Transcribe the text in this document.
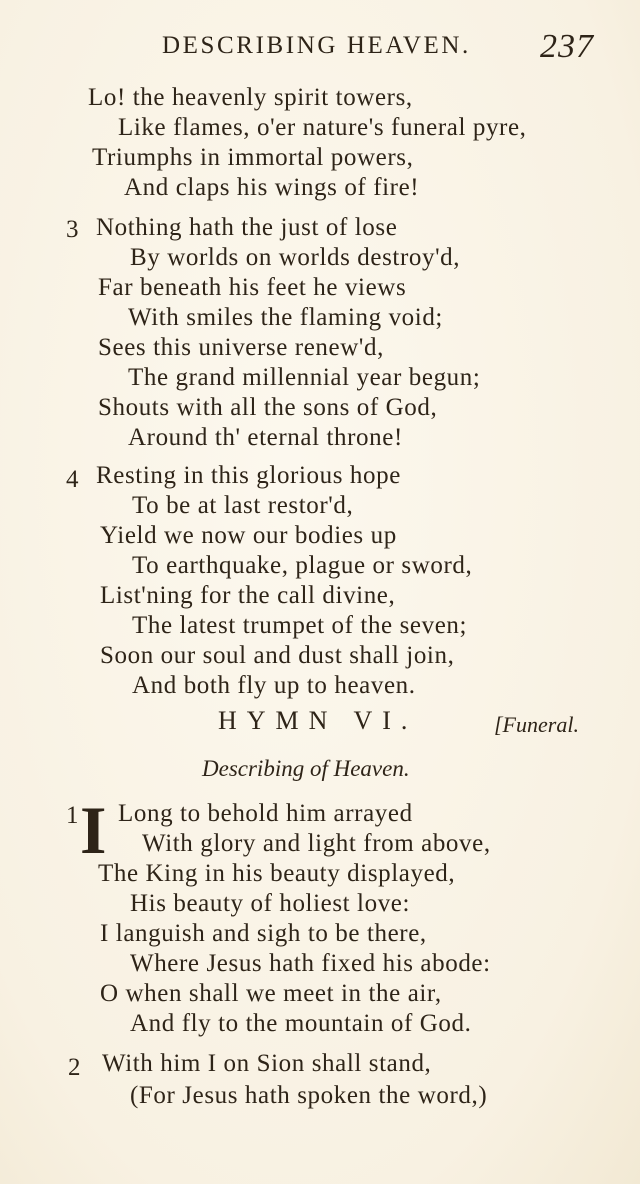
DESCRIBING HEAVEN. 237
Lo! the heavenly spirit towers,
Like flames, o'er nature's funeral pyre,
Triumphs in immortal powers,
And claps his wings of fire!
3 Nothing hath the just of lose
By worlds on worlds destroy'd,
Far beneath his feet he views
With smiles the flaming void;
Sees this universe renew'd,
The grand millennial year begun;
Shouts with all the sons of God,
Around th' eternal throne!
4 Resting in this glorious hope
To be at last restor'd,
Yield we now our bodies up
To earthquake, plague or sword,
List'ning for the call divine,
The latest trumpet of the seven;
Soon our soul and dust shall join,
And both fly up to heaven.
HYMN VI.	[Funeral.
Describing of Heaven.
1 I Long to behold him arrayed
With glory and light from above,
The King in his beauty displayed,
His beauty of holiest love:
I languish and sigh to be there,
Where Jesus hath fixed his abode:
O when shall we meet in the air,
And fly to the mountain of God.
2 With him I on Sion shall stand,
(For Jesus hath spoken the word,)
